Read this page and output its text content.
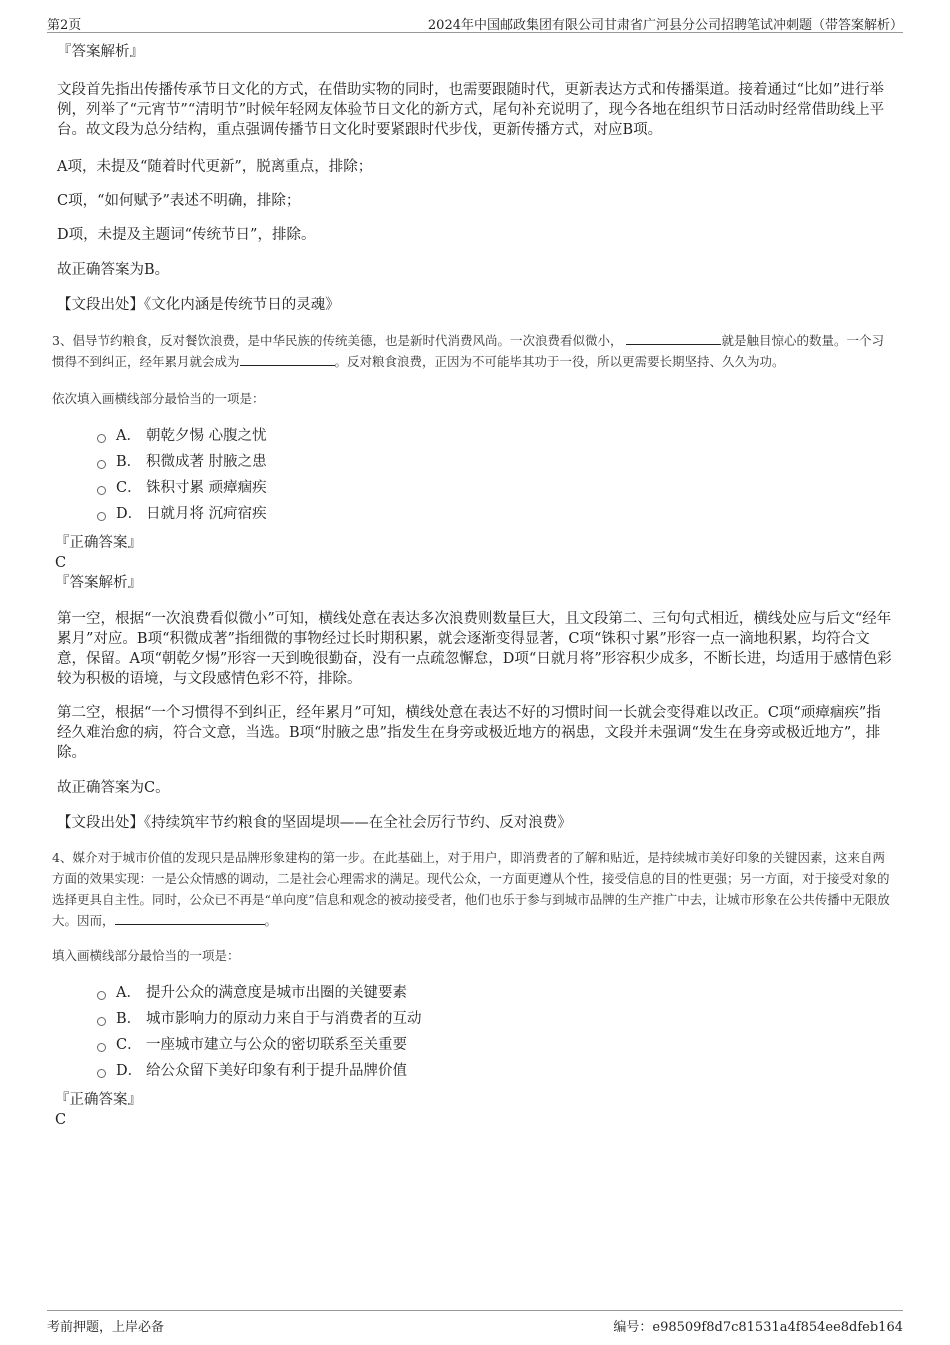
第2页	2024年中国邮政集团有限公司甘肃省广河县分公司招聘笔试冲刺题（带答案解析）

『答案解析』

文段首先指出传播传承节日文化的方式，在借助实物的同时，也需要跟随时代，更新表达方式和传播渠道。接着通过“比如”进行举例，列举了“元宵节”“清明节”时候年轻网友体验节日文化的新方式，尾句补充说明了，现今各地在组织节日活动时经常借助线上平台。故文段为总分结构，重点强调传播节日文化时要紧跟时代步伐，更新传播方式，对应B项。

A项，未提及“随着时代更新”，脱离重点，排除；

C项，“如何赋予”表述不明确，排除；

D项，未提及主题词“传统节日”，排除。

故正确答案为B。

【文段出处】《文化内涵是传统节日的灵魂》

3、倡导节约粮食，反对餐饮浪费，是中华民族的传统美德，也是新时代消费风尚。一次浪费看似微小，	就是触目惊心的数量。一个习惯得不到纠正，经年累月就会成为	。反对粮食浪费，正因为不可能毕其功于一役，所以更需要长期坚持、久久为功。

依次填入画横线部分最恰当的一项是：

A． 朝乾夕惕 心腹之忧
B． 积微成著 肘腋之患
C． 铢积寸累 顽瘴痼疾
D． 日就月将 沉疴宿疾

『正确答案』

C

『答案解析』

第一空，根据“一次浪费看似微小”可知，横线处意在表达多次浪费则数量巨大，且文段第二、三句句式相近，横线处应与后文“经年累月”对应。B项“积微成著”指细微的事物经过长时期积累，就会逐渐变得显著，C项“铢积寸累”形容一点一滴地积累，均符合文意，保留。A项“朝乾夕惕”形容一天到晚很勤奋，没有一点疏忽懈怠，D项“日就月将”形容积少成多，不断长进，均适用于感情色彩较为积极的语境，与文段感情色彩不符，排除。

第二空，根据“一个习惯得不到纠正，经年累月”可知，横线处意在表达不好的习惯时间一长就会变得难以改正。C项“顽瘴痼疾”指经久难治愈的病，符合文意，当选。B项“肘腋之患”指发生在身旁或极近地方的祸患，文段并未强调“发生在身旁或极近地方”，排除。

故正确答案为C。

【文段出处】《持续筑牢节约粮食的坚固堤坝——在全社会厉行节约、反对浪费》

4、媒介对于城市价值的发现只是品牌形象建构的第一步。在此基础上，对于用户，即消费者的了解和贴近，是持续城市美好印象的关键因素，这来自两方面的效果实现：一是公众情感的调动，二是社会心理需求的满足。现代公众，一方面更遵从个性，接受信息的目的性更强；另一方面，对于接受对象的选择更具自主性。同时，公众已不再是“单向度”信息和观念的被动接受者，他们也乐于参与到城市品牌的生产推广中去，让城市形象在公共传播中无限放大。因而，	。

填入画横线部分最恰当的一项是：

A． 提升公众的满意度是城市出圈的关键要素
B． 城市影响力的原动力来自于与消费者的互动
C． 一座城市建立与公众的密切联系至关重要
D． 给公众留下美好印象有利于提升品牌价值

『正确答案』

C

考前押题，上岸必备	编号：e98509f8d7c81531a4f854ee8dfeb164
